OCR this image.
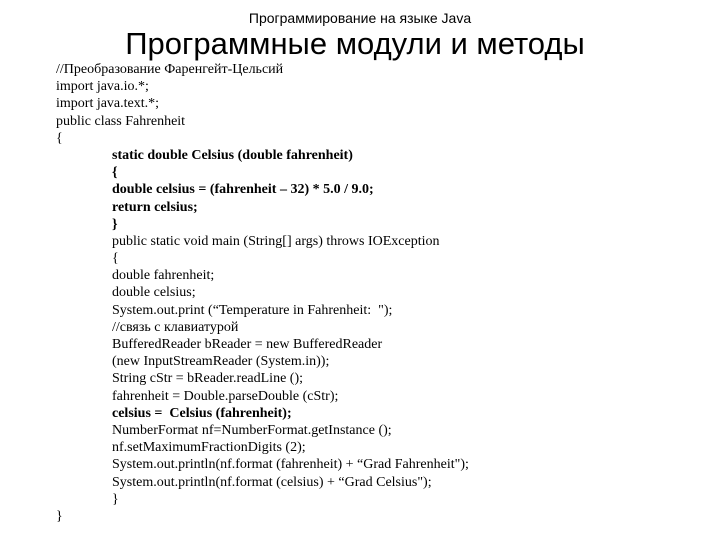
Программирование на языке Java
Программные модули и методы
//Преобразование Фаренгейт-Цельсий
import java.io.*;
import java.text.*;
public class Fahrenheit
{
static double Celsius (double fahrenheit)
{
double celsius = (fahrenheit – 32) * 5.0 / 9.0;
return celsius;
}
public static void main (String[] args) throws IOException
{
double fahrenheit;
double celsius;
System.out.print (“Temperature in Fahrenheit:  ");
//связь с клавиатурой
BufferedReader bReader = new BufferedReader
(new InputStreamReader (System.in));
String cStr = bReader.readLine ();
fahrenheit = Double.parseDouble (cStr);
celsius =  Celsius (fahrenheit);
NumberFormat nf=NumberFormat.getInstance ();
nf.setMaximumFractionDigits (2);
System.out.println(nf.format (fahrenheit) + “Grad Fahrenheit");
System.out.println(nf.format (celsius) + “Grad Celsius");
}
}
